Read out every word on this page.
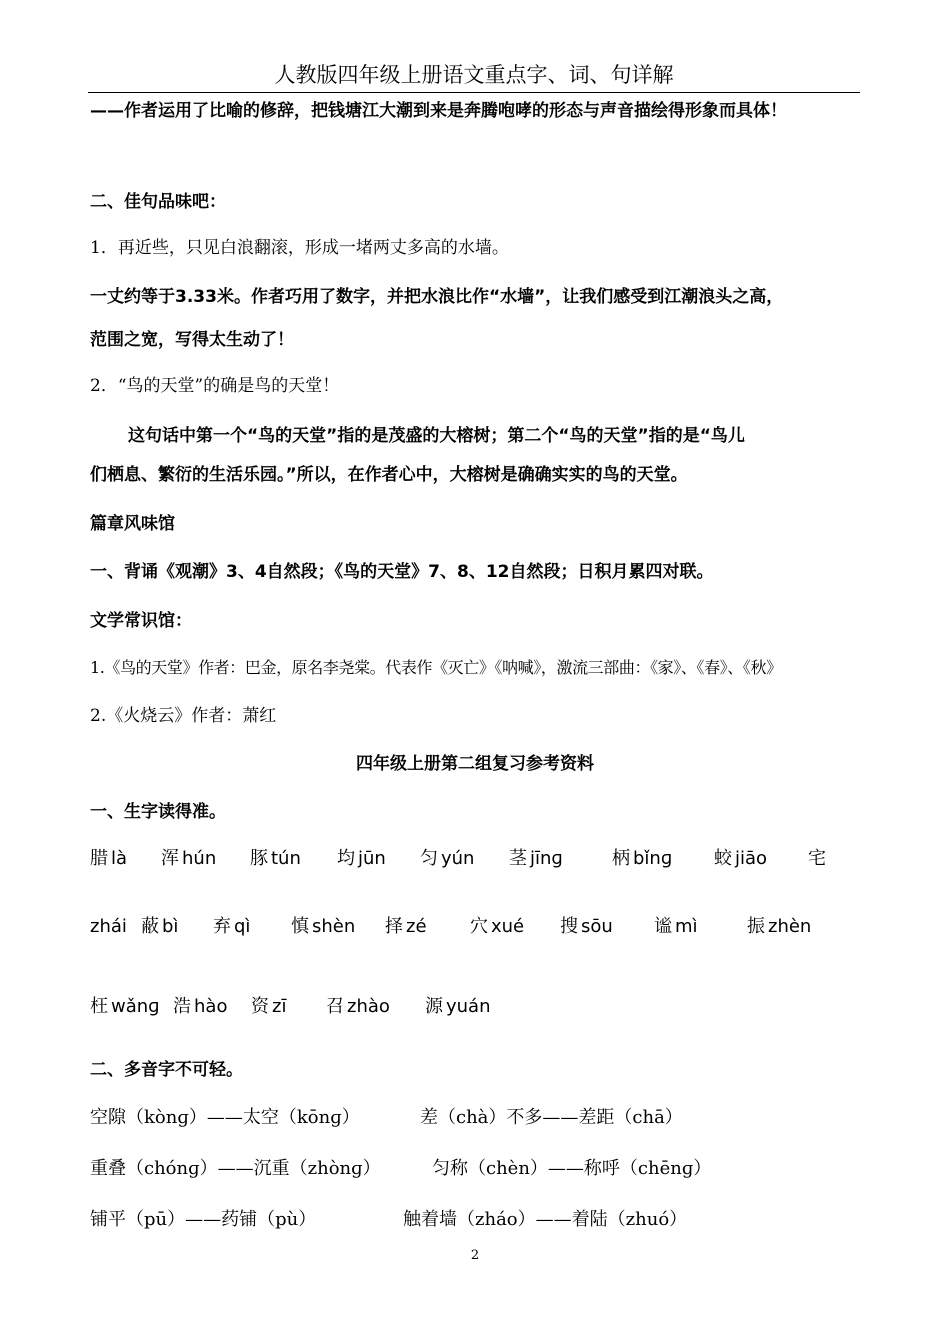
人教版四年级上册语文重点字、词、句详解
——作者运用了比喻的修辞，把钱塘江大潮到来是奔腾咆哮的形态与声音描绘得形象而具体！
二、佳句品味吧：
1．再近些，只见白浪翻滚，形成一堵两丈多高的水墙。
一丈约等于3.33米。作者巧用了数字，并把水浪比作“水墙”，让我们感受到江潮浪头之高，
范围之宽，写得太生动了！
2．“鸟的天堂”的确是鸟的天堂！
这句话中第一个“鸟的天堂”指的是茂盛的大榕树；第二个“鸟的天堂”指的是“鸟儿
们栖息、繁衍的生活乐园。”所以，在作者心中，大榕树是确确实实的鸟的天堂。
篇章风味馆
一、背诵《观潮》3、4自然段；《鸟的天堂》7、8、12自然段；日积月累四对联。
文学常识馆：
1.《鸟的天堂》作者：巴金，原名李尧棠。代表作《灭亡》《呐喊》，激流三部曲：《家》、《春》、《秋》
2.《火烧云》作者：萧红
四年级上册第二组复习参考资料
一、生字读得准。
腊 là 浑 hún 豚 tún 均 jūn 匀 yún 茎 jīnɡ	柄 bǐnɡ 蛟 jiāo 宅
zhái 蔽 bì 弃 qì 慎 shèn 择 zé 穴 xué 搜 sōu 谧 mì	振 zhèn
枉 wǎnɡ 浩 hào 资 zī 召 zhào 源 yuán
二、多音字不可轻。
空隙（kònɡ）——太空（kōnɡ）	差（chà）不多——差距（chā）
重叠（chónɡ）——沉重（zhònɡ）	匀称（chèn）——称呼（chēnɡ）
铺平（pū）——药铺（pù）	触着墙（zháo）——着陆（zhuó）
2
